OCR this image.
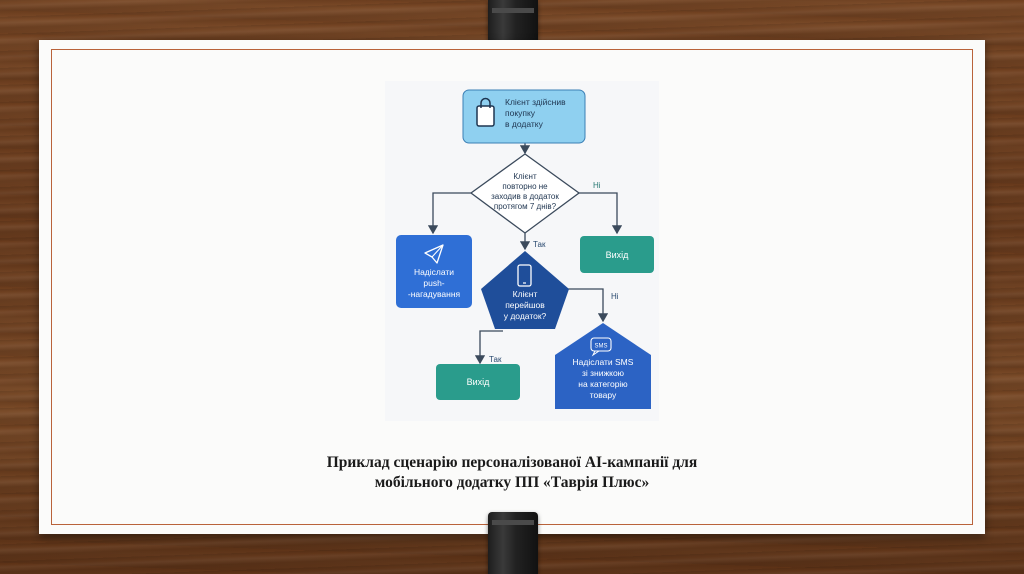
Клієнт здійснив
покупку
в додатку
Клієнт
повторно не
заходив в додаток
протягом 7 днів?
Ні
Так
Надіслати
push-
-нагадування
Вихід
Клієнт
перейшов
у додаток?
Ні
Так
Вихід
SMS
Надіслати SMS
зі знижкою
на категорію
товару
Приклад сценарію персоналізованої AI-кампанії для
мобільного додатку ПП «Таврія Плюс»
